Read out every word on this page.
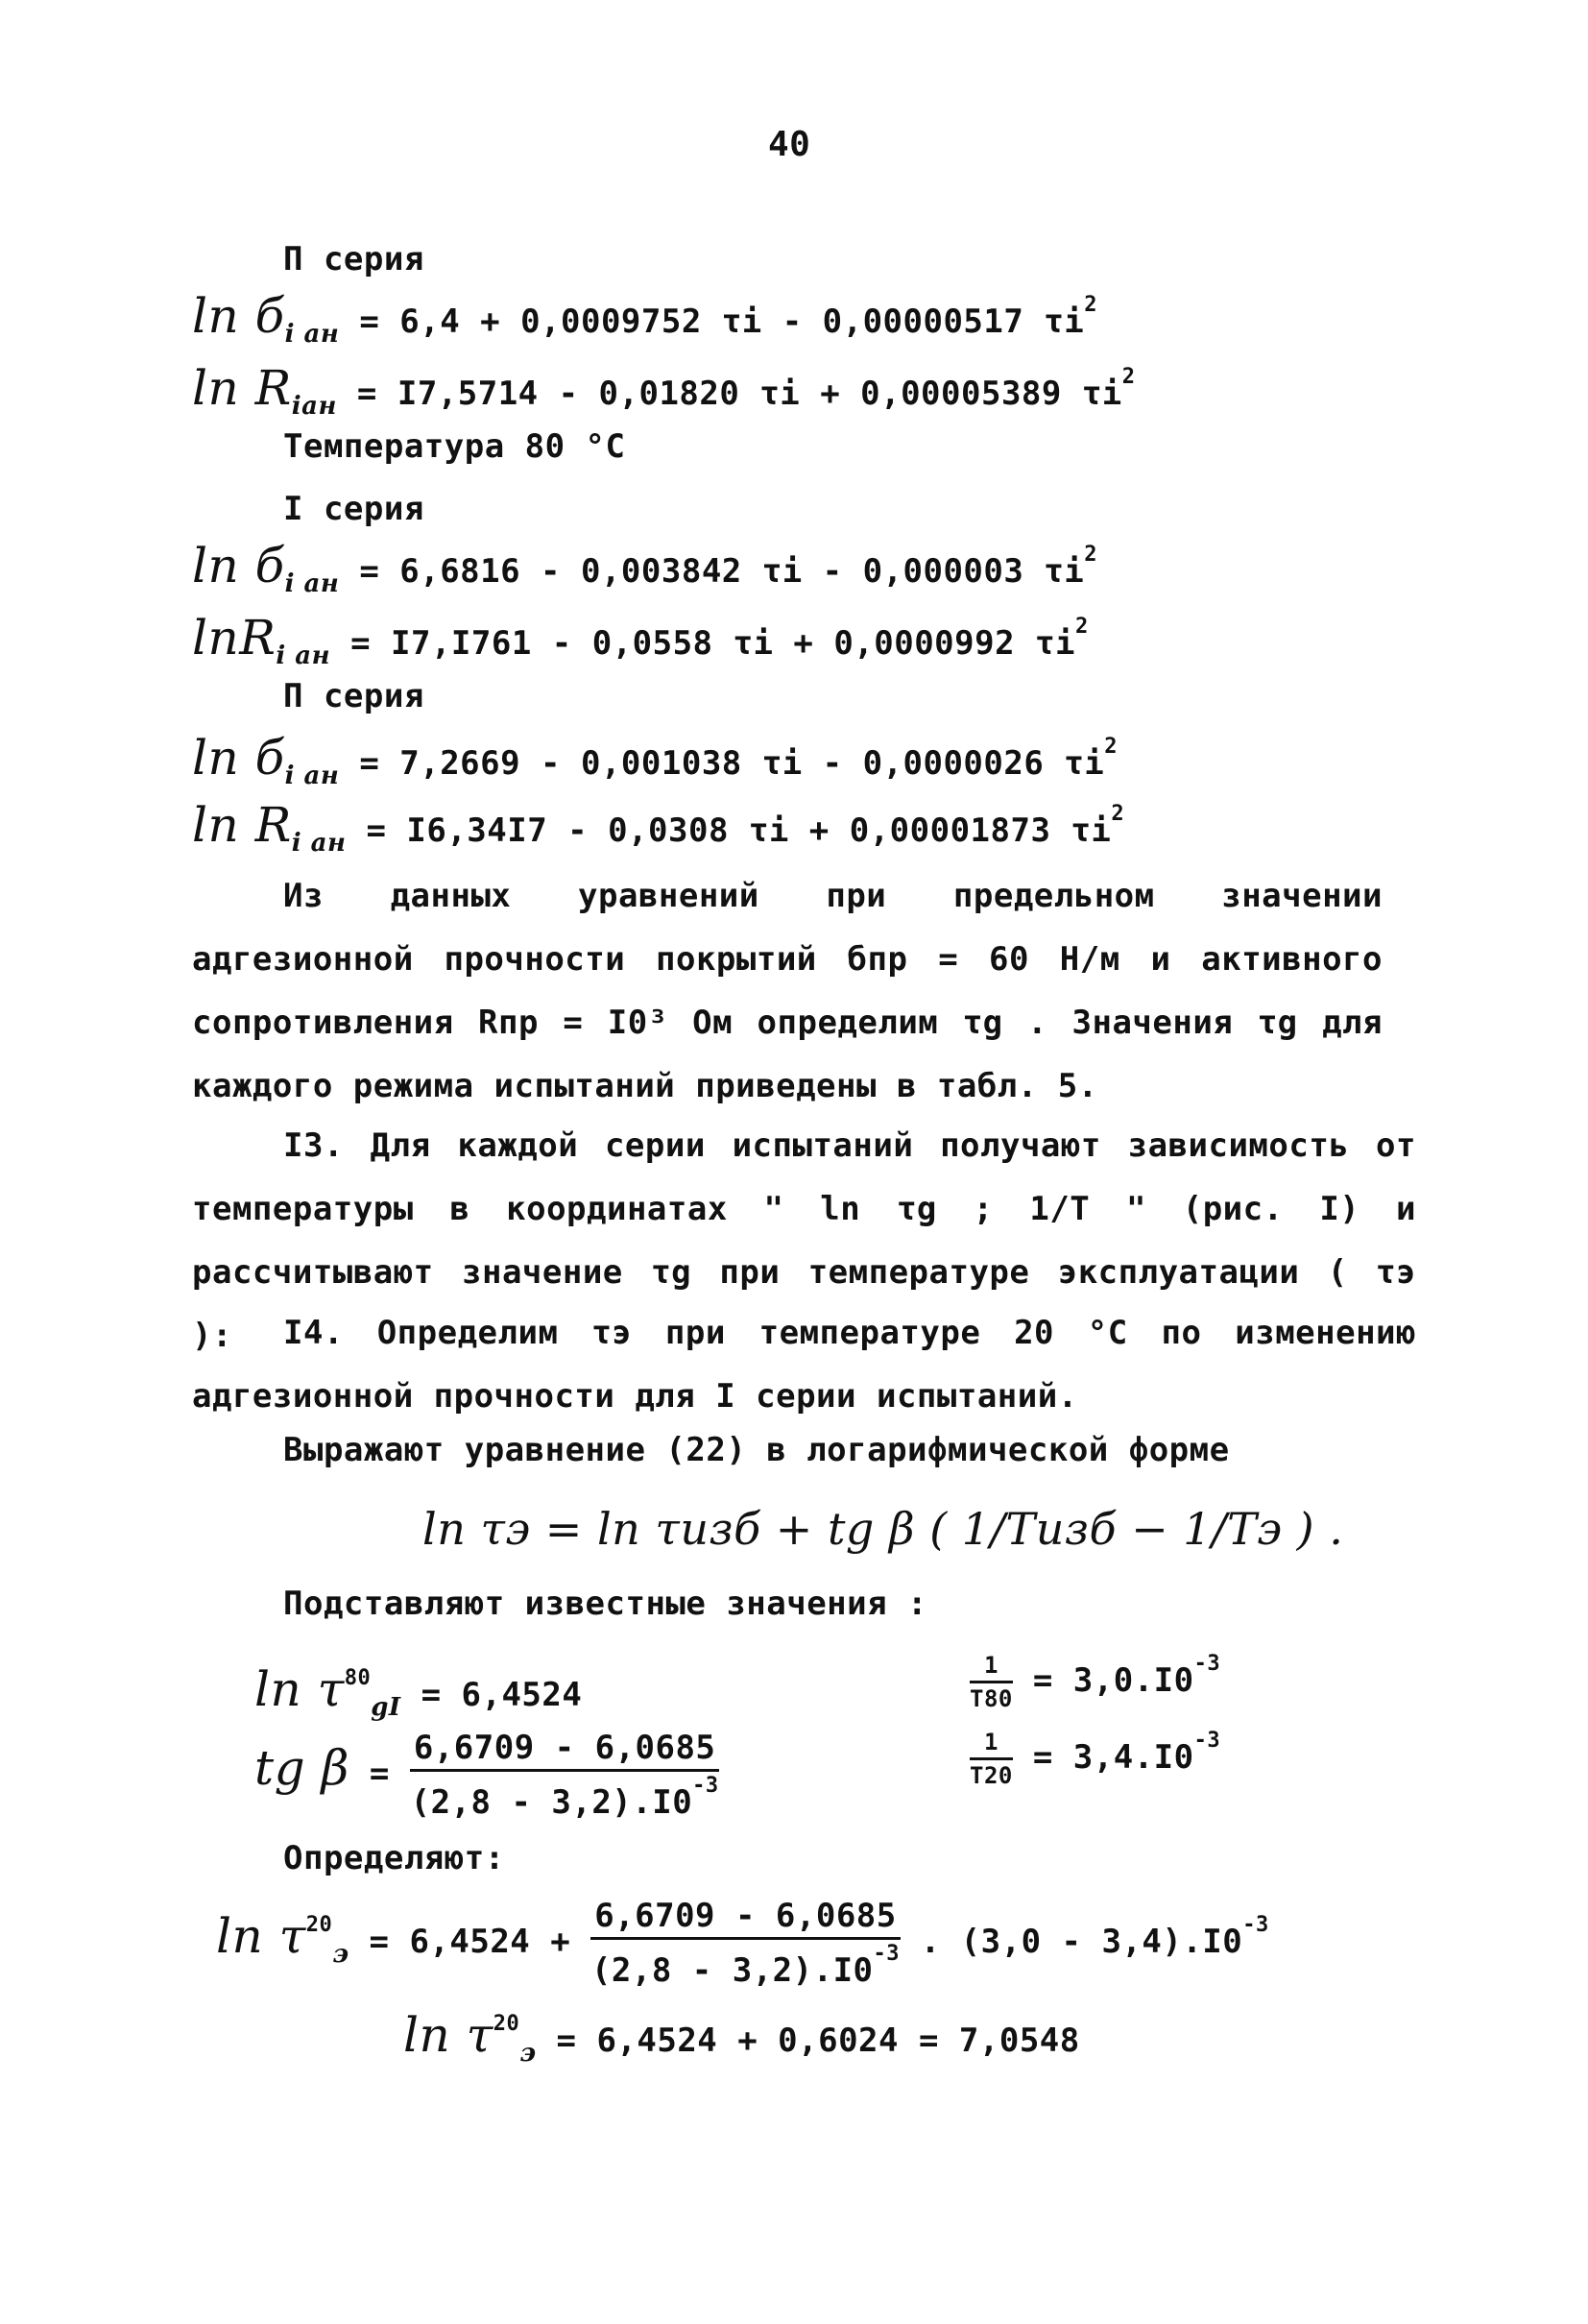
40
П серия
$\ln б_{i ан} = 6,4 + 0,0009752$ τi - 0,00000517 $\tau i^2$
$\ln R_{iан} = I7,5714 - 0,01820$ τi + 0,00005389 $\tau i^2$
Температура 80 °C
I серия
$\ln б_{i ан} = 6,6816 - 0,003842$ τi - 0,000003 $\tau i^2$
lnR$_{i ан}$ = I7,I761 - 0,0558 τi + 0,0000992 $\tau i^2$
П серия
$\ln б_{i ан} = 7,2669 - 0,001038$ τi - 0,0000026 $\tau i^2$
$\ln R_{i ан} = I6,34I7 - 0,0308$ τi + 0,00001873 $\tau i^2$
Из данных уравнений при предельном значении адгезионной прочности покрытий бпр = 60 Н/м и активного сопротивления Rпр = I0³ Ом определим τg . Значения τg для каждого режима испытаний приведены в табл. 5.
I3. Для каждой серии испытаний получают зависимость от температуры в координатах " ln τg ; 1/T " (рис. I) и рассчитывают значение τg при температуре эксплуатации ( τэ ):	I4. Определим τэ при температуре 20 °C по изменению адгезионной прочности для I серии испытаний.
Выражают уравнение (22) в логарифмической форме
ln τэ = ln τизб + tg β ( 1/Tизб − 1/Tэ ) .
Подставляют известные значения :
$\ln \tau^{80}_{gI} = 6,4524$
tg $\beta = \frac{6,6709 - 6,0685}{(2,8 - 3,2).I0^{-3}}$
$\frac{1}{T80} = 3,0.I0^{-3}$
$\frac{1}{T20} = 3,4.I0^{-3}$
Определяют:
$\ln \tau^{20}_э = 6,4524 + \frac{6,6709 - 6,0685}{(2,8 - 3,2).I0^{-3}}$ . $(3,0 - 3,4).I0^{-3}$
$\ln \tau^{20}_э = 6,4524 + 0,6024 = 7,0548$
